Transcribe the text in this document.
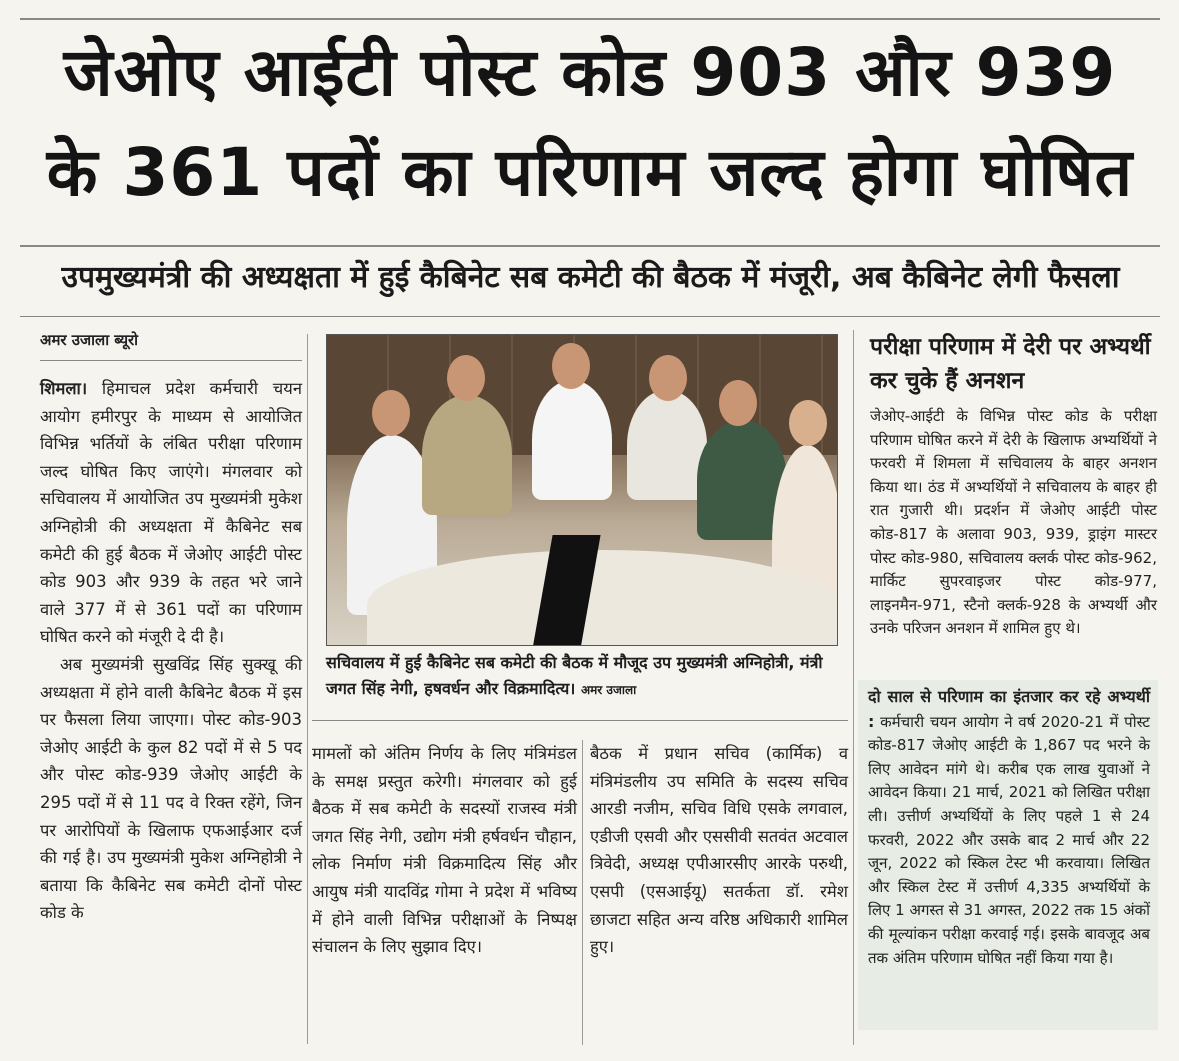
जेओए आईटी पोस्ट कोड 903 और 939
के 361 पदों का परिणाम जल्द होगा घोषित
उपमुख्यमंत्री की अध्यक्षता में हुई कैबिनेट सब कमेटी की बैठक में मंजूरी, अब कैबिनेट लेगी फैसला
अमर उजाला ब्यूरो

शिमला। हिमाचल प्रदेश कर्मचारी चयन आयोग हमीरपुर के माध्यम से आयोजित विभिन्न भर्तियों के लंबित परीक्षा परिणाम जल्द घोषित किए जाएंगे। मंगलवार को सचिवालय में आयोजित उप मुख्यमंत्री मुकेश अग्निहोत्री की अध्यक्षता में कैबिनेट सब कमेटी की हुई बैठक में जेओए आईटी पोस्ट कोड 903 और 939 के तहत भरे जाने वाले 377 में से 361 पदों का परिणाम घोषित करने को मंजूरी दे दी है।

अब मुख्यमंत्री सुखविंद्र सिंह सुक्खू की अध्यक्षता में होने वाली कैबिनेट बैठक में इस पर फैसला लिया जाएगा। पोस्ट कोड-903 जेओए आईटी के कुल 82 पदों में से 5 पद और पोस्ट कोड-939 जेओए आईटी के 295 पदों में से 11 पद वे रिक्त रहेंगे, जिन पर आरोपियों के खिलाफ एफआईआर दर्ज की गई है। उप मुख्यमंत्री मुकेश अग्निहोत्री ने बताया कि कैबिनेट सब कमेटी दोनों पोस्ट कोड के

सचिवालय में हुई कैबिनेट सब कमेटी की बैठक में मौजूद उप मुख्यमंत्री अग्निहोत्री, मंत्री जगत सिंह नेगी, हषवर्धन और विक्रमादित्य। अमर उजाला

मामलों को अंतिम निर्णय के लिए मंत्रिमंडल के समक्ष प्रस्तुत करेगी। मंगलवार को हुई बैठक में सब कमेटी के सदस्यों राजस्व मंत्री जगत सिंह नेगी, उद्योग मंत्री हर्षवर्धन चौहान, लोक निर्माण मंत्री विक्रमादित्य सिंह और आयुष मंत्री यादविंद्र गोमा ने प्रदेश में भविष्य में होने वाली विभिन्न परीक्षाओं के निष्पक्ष संचालन के लिए सुझाव दिए।

बैठक में प्रधान सचिव (कार्मिक) व मंत्रिमंडलीय उप समिति के सदस्य सचिव आरडी नजीम, सचिव विधि एसके लगवाल, एडीजी एसवी और एससीवी सतवंत अटवाल त्रिवेदी, अध्यक्ष एपीआरसीए आरके परुथी, एसपी (एसआईयू) सतर्कता डॉ. रमेश छाजटा सहित अन्य वरिष्ठ अधिकारी शामिल हुए।

परीक्षा परिणाम में देरी पर अभ्यर्थी कर चुके हैं अनशन
जेओए-आईटी के विभिन्न पोस्ट कोड के परीक्षा परिणाम घोषित करने में देरी के खिलाफ अभ्यर्थियों ने फरवरी में शिमला में सचिवालय के बाहर अनशन किया था। ठंड में अभ्यर्थियों ने सचिवालय के बाहर ही रात गुजारी थी। प्रदर्शन में जेओए आईटी पोस्ट कोड-817 के अलावा 903, 939, ड्राइंग मास्टर पोस्ट कोड-980, सचिवालय क्लर्क पोस्ट कोड-962, मार्किट सुपरवाइजर पोस्ट कोड-977, लाइनमैन-971, स्टैनो क्लर्क-928 के अभ्यर्थी और उनके परिजन अनशन में शामिल हुए थे।
दो साल से परिणाम का इंतजार कर रहे अभ्यर्थी : कर्मचारी चयन आयोग ने वर्ष 2020-21 में पोस्ट कोड-817 जेओए आईटी के 1,867 पद भरने के लिए आवेदन मांगे थे। करीब एक लाख युवाओं ने आवेदन किया। 21 मार्च, 2021 को लिखित परीक्षा ली। उत्तीर्ण अभ्यर्थियों के लिए पहले 1 से 24 फरवरी, 2022 और उसके बाद 2 मार्च और 22 जून, 2022 को स्किल टेस्ट भी करवाया। लिखित और स्किल टेस्ट में उत्तीर्ण 4,335 अभ्यर्थियों के लिए 1 अगस्त से 31 अगस्त, 2022 तक 15 अंकों की मूल्यांकन परीक्षा करवाई गई। इसके बावजूद अब तक अंतिम परिणाम घोषित नहीं किया गया है।
